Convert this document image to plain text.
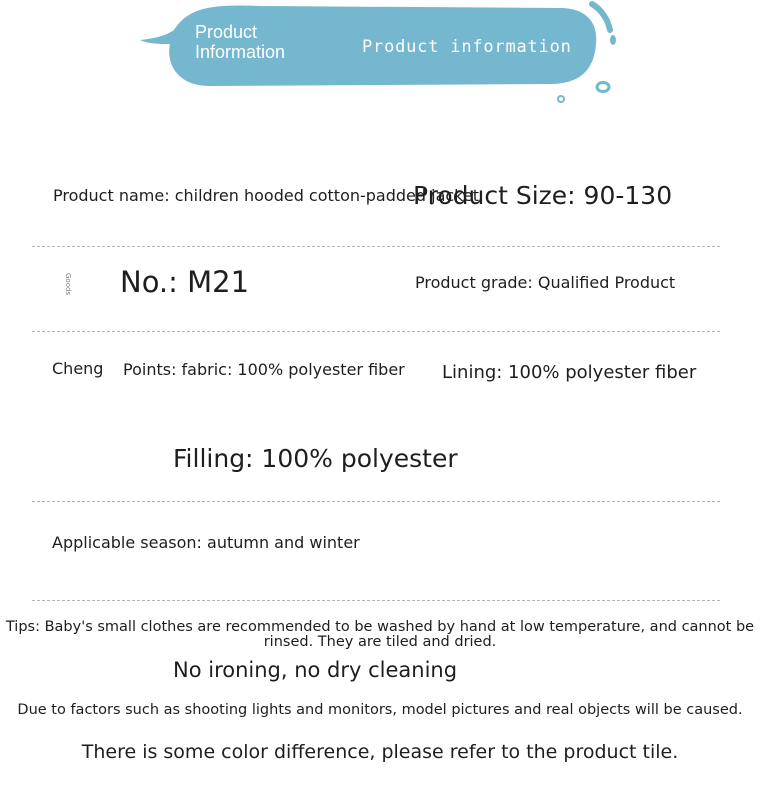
Product Information	Product information
Product name: children hooded cotton-padded jacket
Product Size: 90-130
Goods No.: M21	Product grade: Qualified Product
Cheng Points: fabric: 100% polyester fiber Lining: 100% polyester fiber
Filling: 100% polyester
Applicable season: autumn and winter
Tips: Baby's small clothes are recommended to be washed by hand at low temperature, and cannot be
rinsed. They are tiled and dried.
No ironing, no dry cleaning
Due to factors such as shooting lights and monitors, model pictures and real objects will be caused.
There is some color difference, please refer to the product tile.
